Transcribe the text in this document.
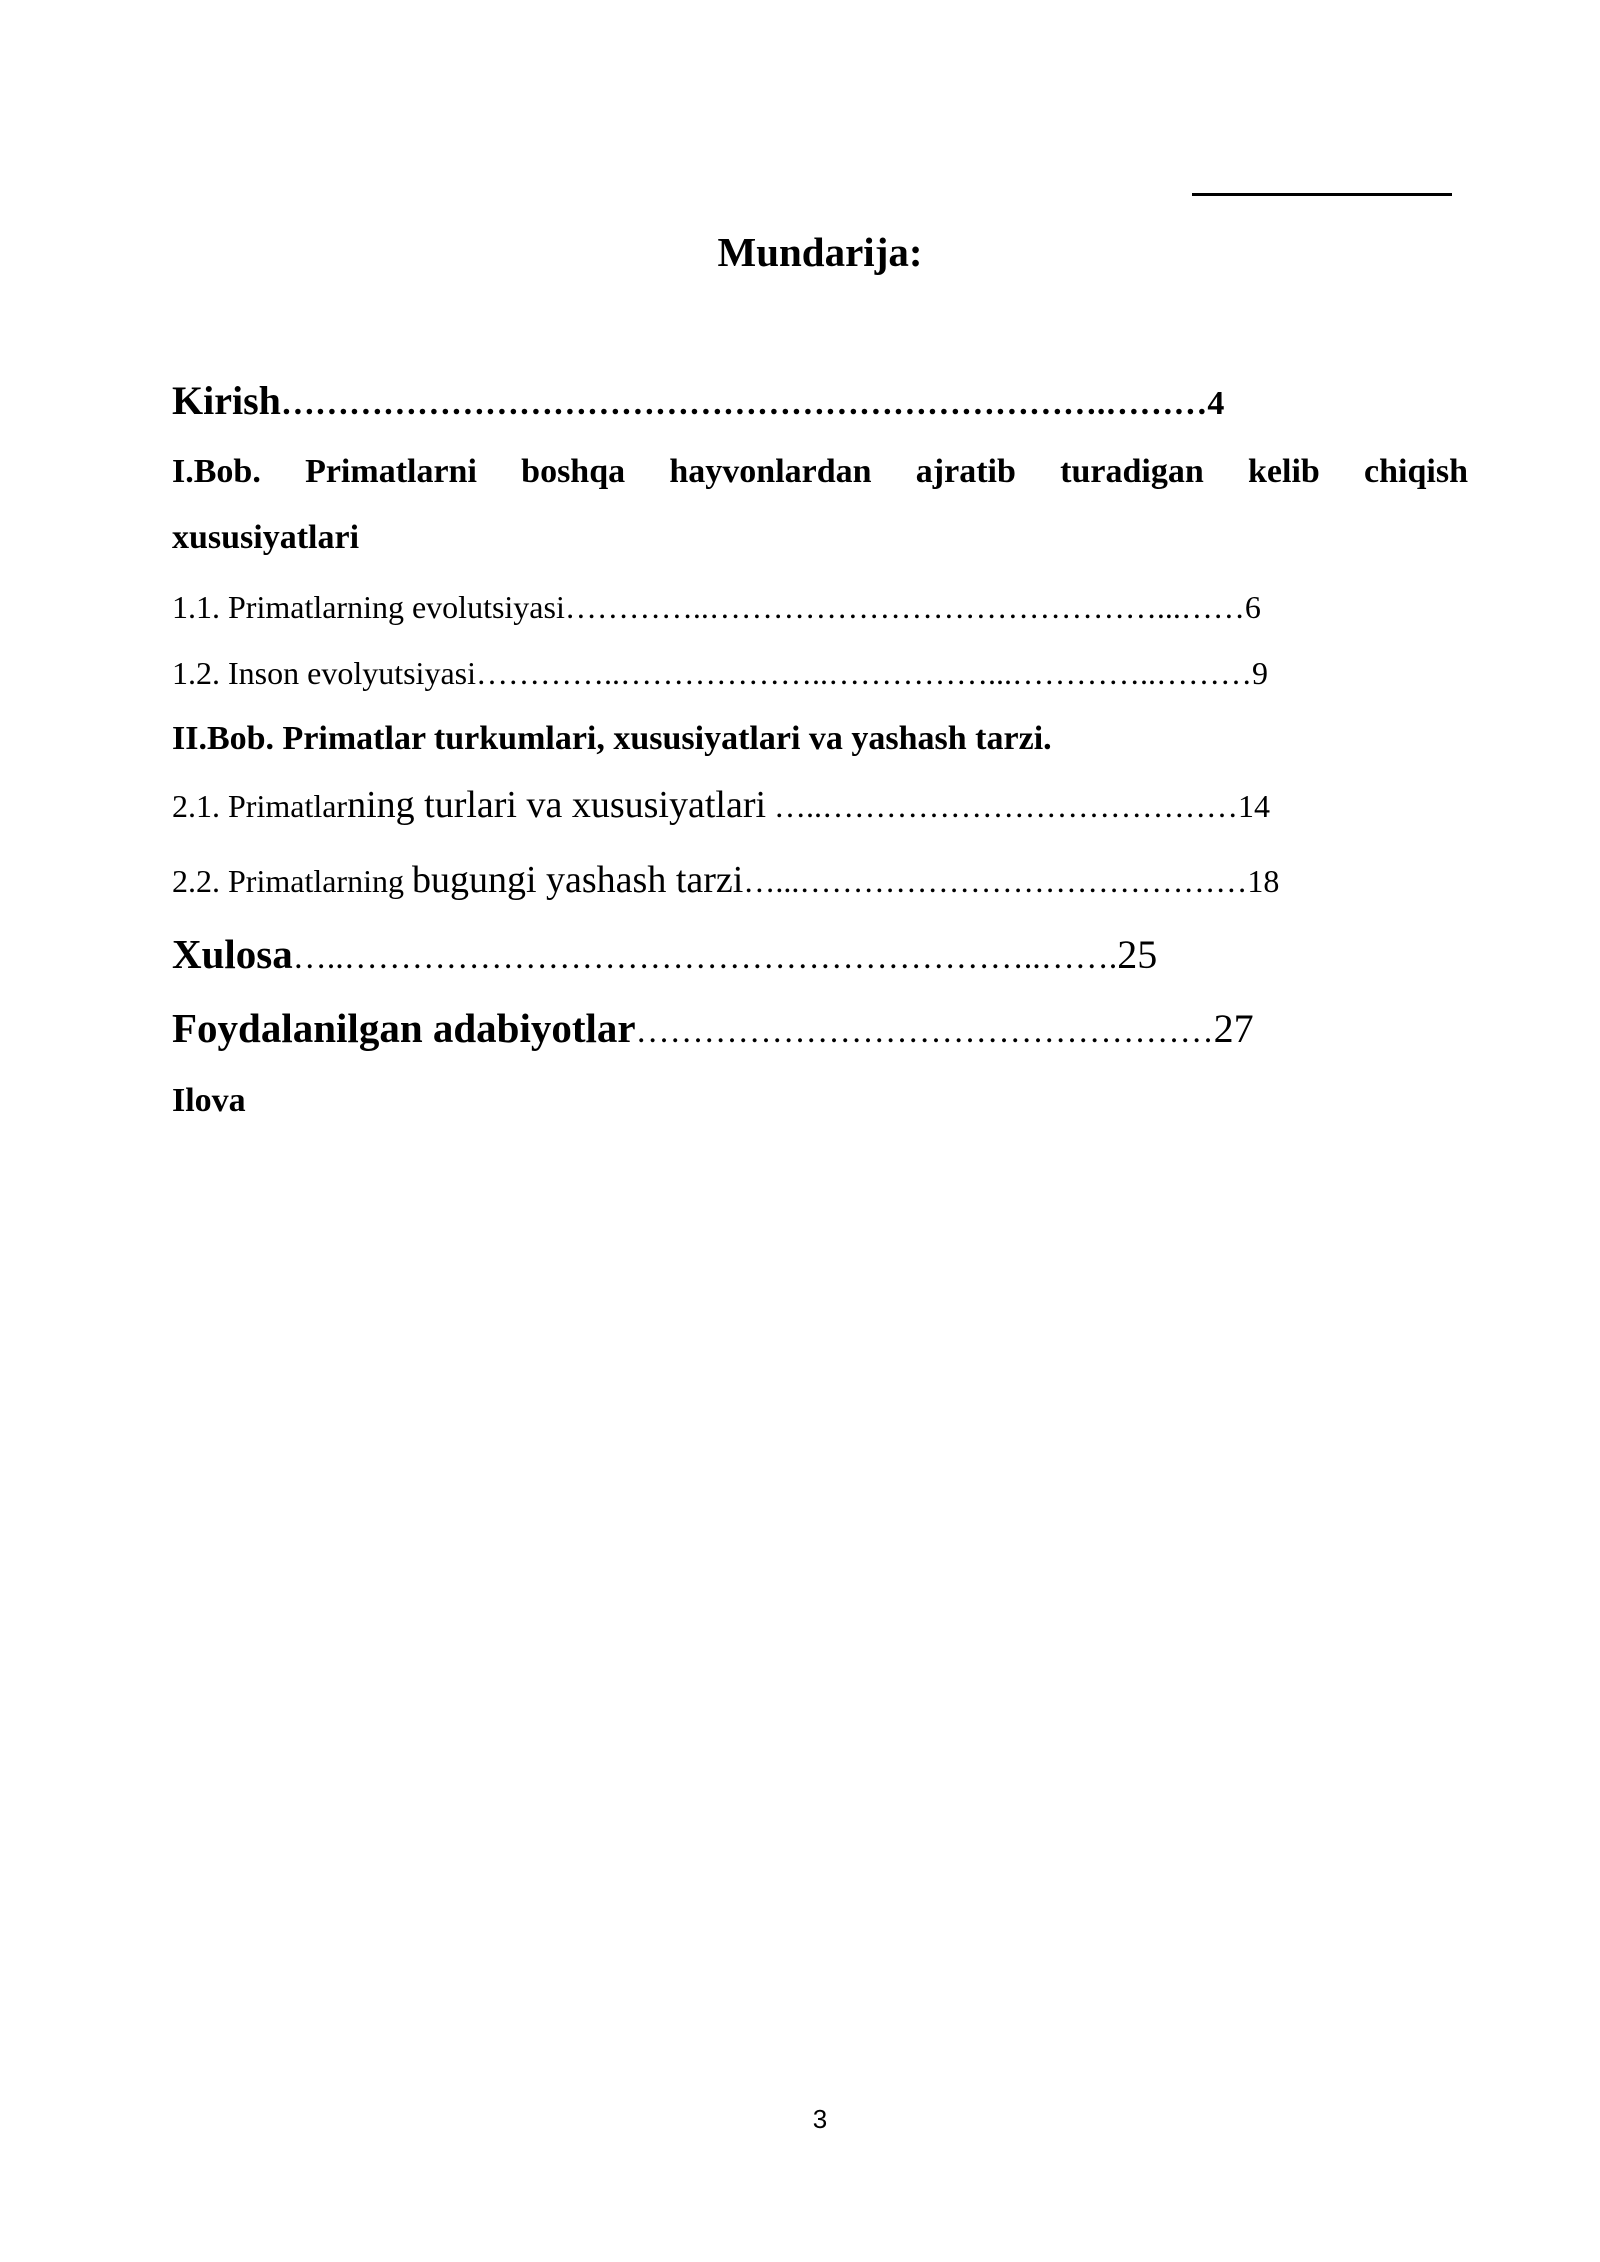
Mundarija:
Kirish……………………………………………………………….………4
I.Bob. Primatlarni boshqa hayvonlardan ajratib turadigan kelib chiqish
xususiyatlari
1.1. Primatlarning evolutsiyasi…………..……………………………………...……6
1.2. Inson evolyutsiyasi…………..………………..……………...…………..………9
II.Bob. Primatlar turkumlari, xususiyatlari va yashash tarzi.
2.1. Primatlarning turlari va xususiyatlari …..…………………………………14
2.2. Primatlarning bugungi yashash tarzi…...……………………………………18
Xulosa…..……………………………………………………..…….25
Foydalanilgan adabiyotlar……………………………………………27
Ilova
3
